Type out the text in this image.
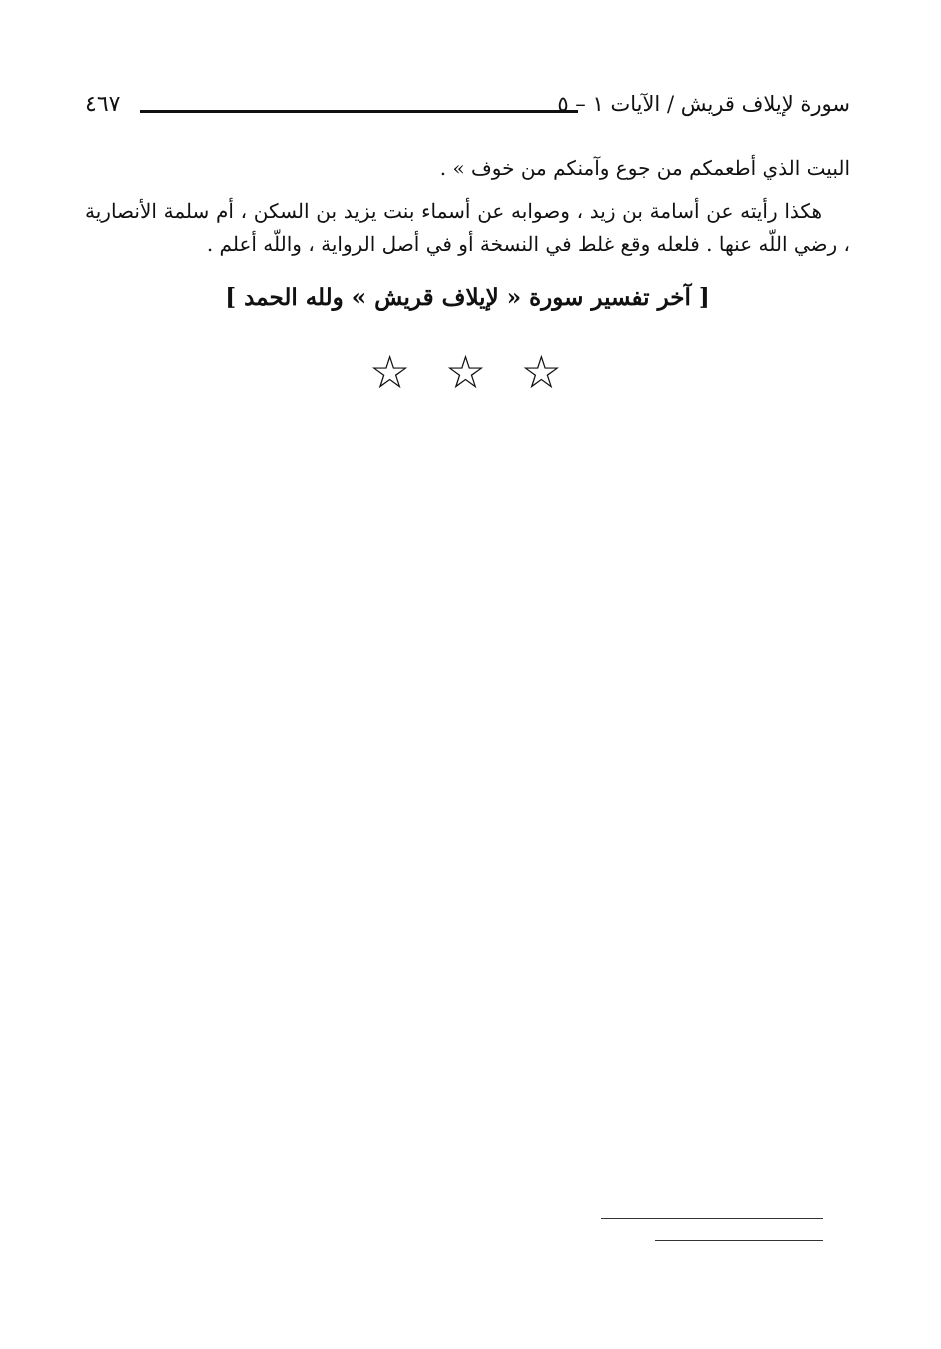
٤٦٧	سورة لإيلاف قريش / الآيات ١ – ٥

البيت الذي أطعمكم من جوع وآمنكم من خوف » .

هكذا رأيته عن أسامة بن زيد ، وصوابه عن أسماء بنت يزيد بن السكن ، أم سلمة الأنصارية ، رضي اللّه عنها . فلعله وقع غلط في النسخة أو في أصل الرواية ، واللّه أعلم .

[ آخر تفسير سورة « لإيلاف قريش » ولله الحمد ]
☆ ☆ ☆
